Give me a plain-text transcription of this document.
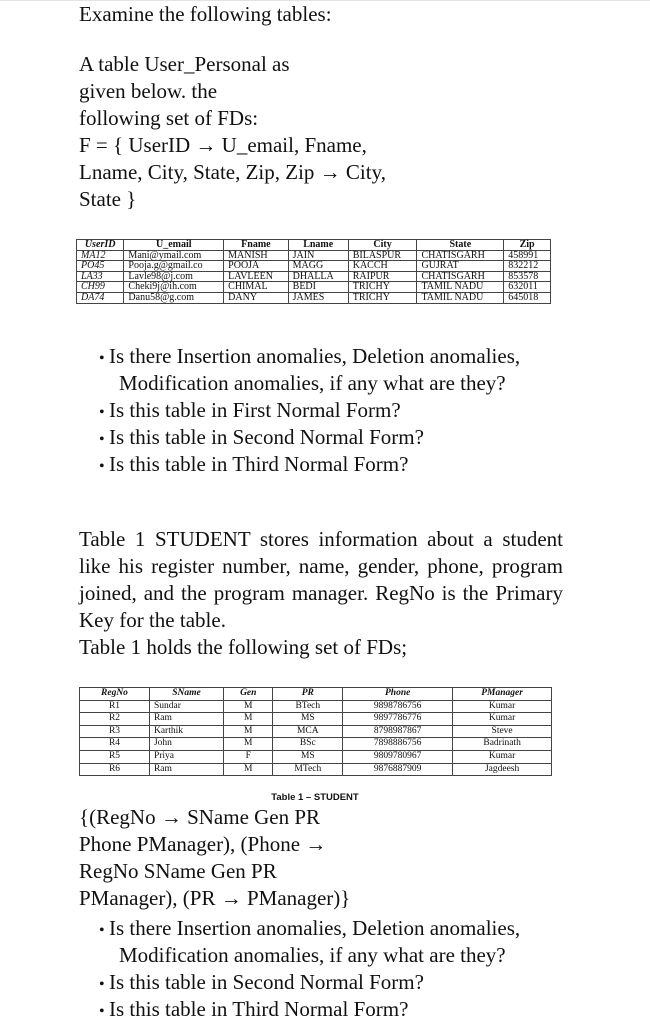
Examine the following tables:

A table User_Personal as

given below. the

following set of FDs:

F = { UserID → U_email, Fname,

Lname, City, State, Zip, Zip → City,

State }

UserID	U_email	Fname	Lname	City	State	Zip
MA12	Mani@ymail.com	MANISH	JAIN	BILASPUR	CHATISGARH	458991
PO45	Pooja.g@gmail.co	POOJA	MAGG	KACCH	GUJRAT	832212
LA33	Lavle98@j.com	LAVLEEN	DHALLA	RAIPUR	CHATISGARH	853578
CH99	Cheki9j@ih.com	CHIMAL	BEDI	TRICHY	TAMIL NADU	632011
DA74	Danu58@g.com	DANY	JAMES	TRICHY	TAMIL NADU	645018

• Is there Insertion anomalies, Deletion anomalies,

Modification anomalies, if any what are they?

• Is this table in First Normal Form?

• Is this table in Second Normal Form?

• Is this table in Third Normal Form?

Table 1 STUDENT stores information about a student like his register number, name, gender, phone, program joined, and the program manager. RegNo is the Primary Key for the table.

Table 1 holds the following set of FDs;

RegNo	SName	Gen	PR	Phone	PManager
R1	Sundar	M	BTech	9898786756	Kumar
R2	Ram	M	MS	9897786776	Kumar
R3	Karthik	M	MCA	8798987867	Steve
R4	John	M	BSc	7898886756	Badrinath
R5	Priya	F	MS	9809780967	Kumar
R6	Ram	M	MTech	9876887909	Jagdeesh
Table 1 – STUDENT

{(RegNo → SName Gen PR

Phone PManager), (Phone →

RegNo SName Gen PR

PManager), (PR → PManager)}

• Is there Insertion anomalies, Deletion anomalies,

Modification anomalies, if any what are they?

• Is this table in Second Normal Form?

• Is this table in Third Normal Form?
